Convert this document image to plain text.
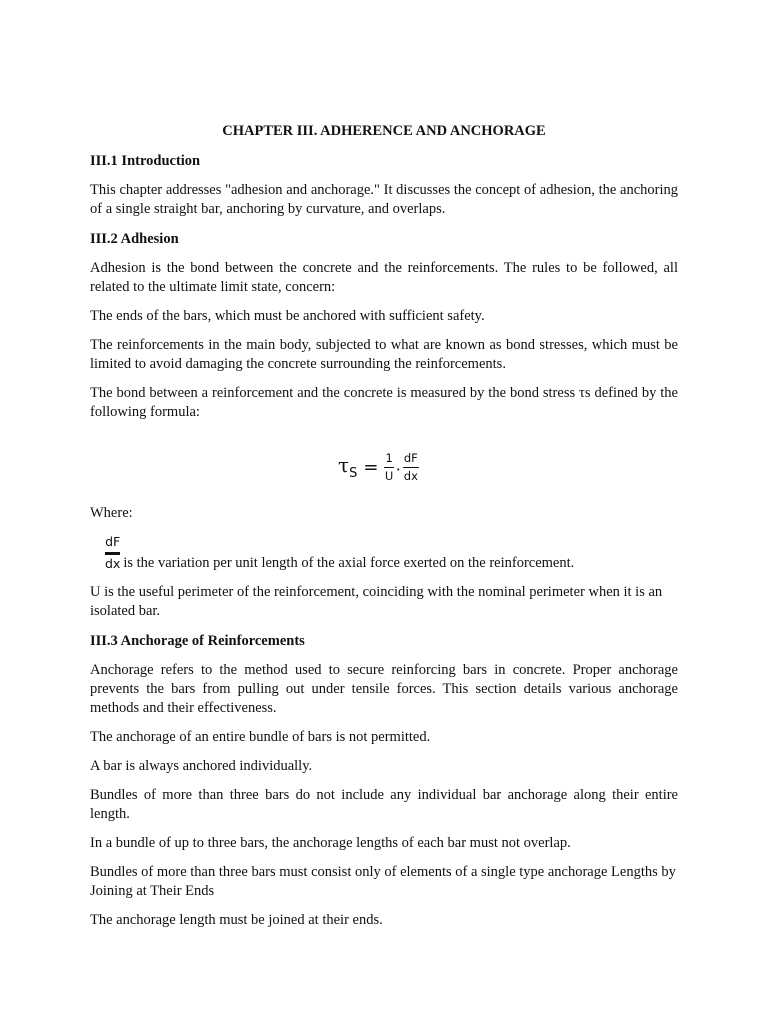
CHAPTER III. ADHERENCE AND ANCHORAGE
III.1 Introduction

This chapter addresses "adhesion and anchorage." It discusses the concept of adhesion, the anchoring of a single straight bar, anchoring by curvature, and overlaps.

III.2 Adhesion

Adhesion is the bond between the concrete and the reinforcements. The rules to be followed, all related to the ultimate limit state, concern:

The ends of the bars, which must be anchored with sufficient safety.

The reinforcements in the main body, subjected to what are known as bond stresses, which must be limited to avoid damaging the concrete surrounding the reinforcements.

The bond between a reinforcement and the concrete is measured by the bond stress τs defined by the following formula:

$\tau_S = \frac{1}{U} \cdot \frac{dF}{dx}$

Where:

dF
dx is the variation per unit length of the axial force exerted on the reinforcement.

U is the useful perimeter of the reinforcement, coinciding with the nominal perimeter when it is an isolated bar.

III.3 Anchorage of Reinforcements

Anchorage refers to the method used to secure reinforcing bars in concrete. Proper anchorage prevents the bars from pulling out under tensile forces. This section details various anchorage methods and their effectiveness.

The anchorage of an entire bundle of bars is not permitted.

A bar is always anchored individually.

Bundles of more than three bars do not include any individual bar anchorage along their entire length.

In a bundle of up to three bars, the anchorage lengths of each bar must not overlap.

Bundles of more than three bars must consist only of elements of a single type anchorage Lengths by Joining at Their Ends

The anchorage length must be joined at their ends.
